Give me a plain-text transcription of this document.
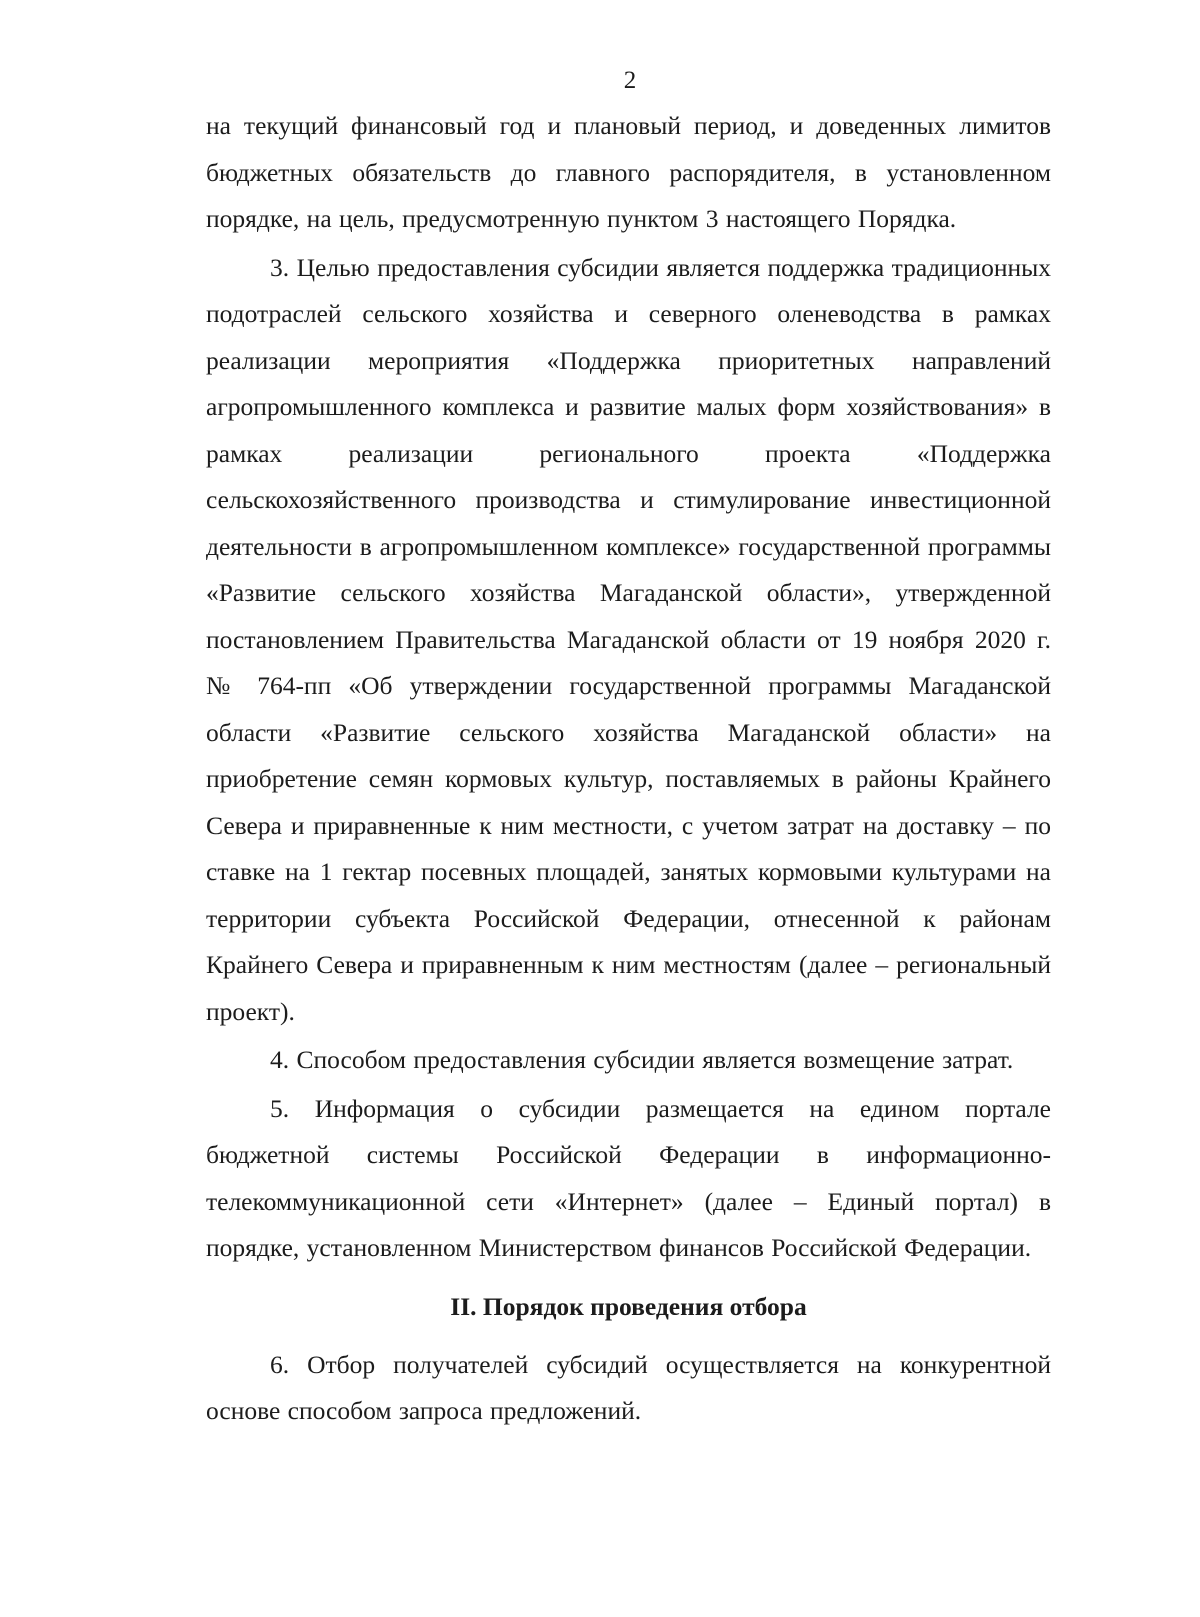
2

на текущий финансовый год и плановый период, и доведенных лимитов бюджетных обязательств до главного распорядителя, в установленном порядке, на цель, предусмотренную пунктом 3 настоящего Порядка.

3. Целью предоставления субсидии является поддержка традиционных подотраслей сельского хозяйства и северного оленеводства в рамках реализации мероприятия «Поддержка приоритетных направлений агропромышленного комплекса и развитие малых форм хозяйствования» в рамках реализации регионального проекта «Поддержка сельскохозяйственного производства и стимулирование инвестиционной деятельности в агропромышленном комплексе» государственной программы «Развитие сельского хозяйства Магаданской области», утвержденной постановлением Правительства Магаданской области от 19 ноября 2020 г. № 764-пп «Об утверждении государственной программы Магаданской области «Развитие сельского хозяйства Магаданской области» на приобретение семян кормовых культур, поставляемых в районы Крайнего Севера и приравненные к ним местности, с учетом затрат на доставку – по ставке на 1 гектар посевных площадей, занятых кормовыми культурами на территории субъекта Российской Федерации, отнесенной к районам Крайнего Севера и приравненным к ним местностям (далее – региональный проект).

4. Способом предоставления субсидии является возмещение затрат.

5. Информация о субсидии размещается на едином портале бюджетной системы Российской Федерации в информационно-телекоммуникационной сети «Интернет» (далее – Единый портал) в порядке, установленном Министерством финансов Российской Федерации.

II. Порядок проведения отбора

6. Отбор получателей субсидий осуществляется на конкурентной основе способом запроса предложений.
